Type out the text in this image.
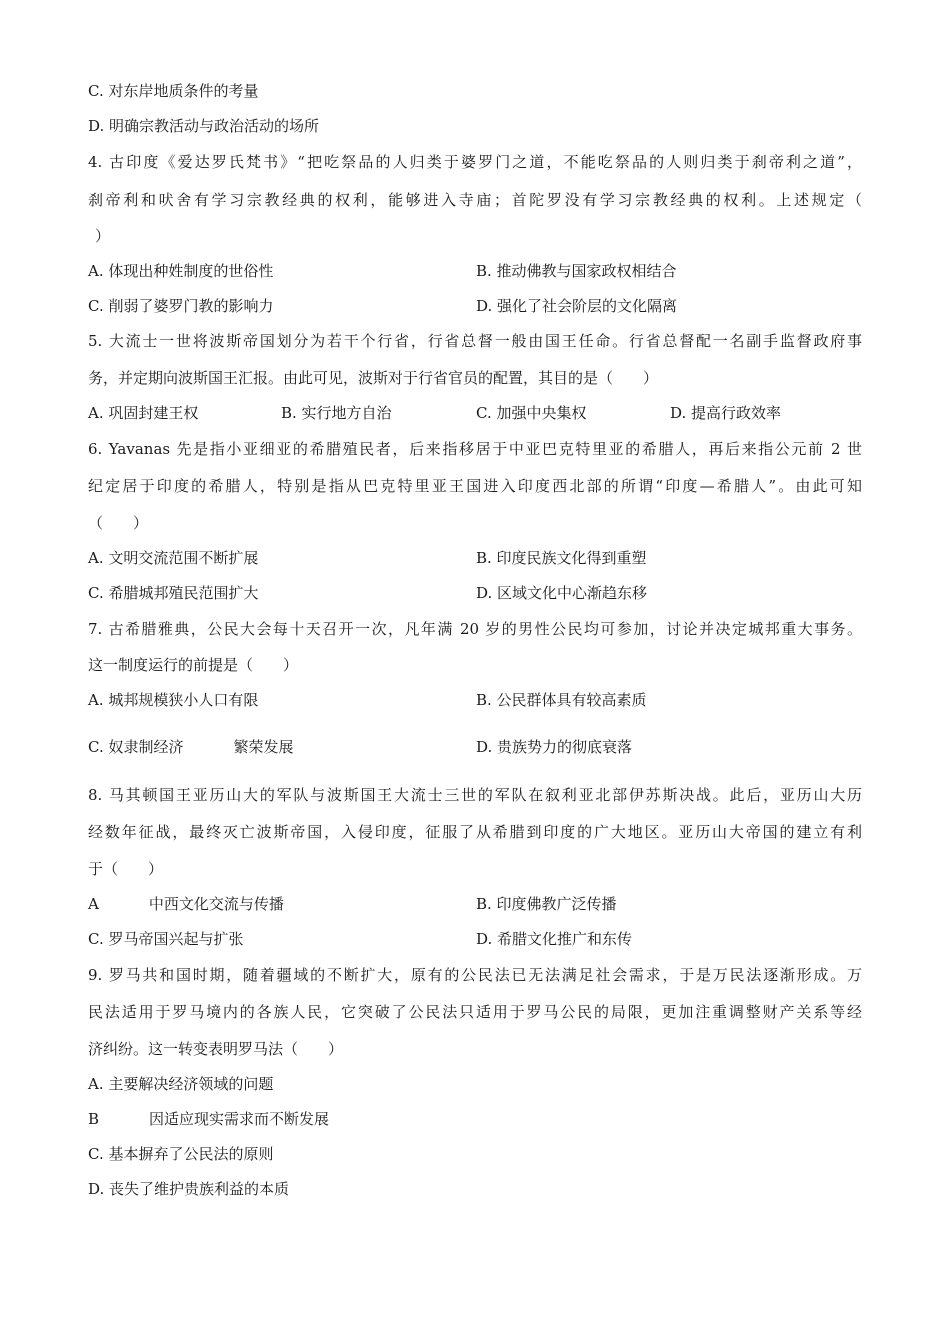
C. 对东岸地质条件的考量
D. 明确宗教活动与政治活动的场所
4. 古印度《爱达罗氏梵书》“把吃祭品的人归类于婆罗门之道，不能吃祭品的人则归类于刹帝利之道”，
刹帝利和吠舍有学习宗教经典的权利，能够进入寺庙；首陀罗没有学习宗教经典的权利。上述规定（
）
A. 体现出种姓制度的世俗性	B. 推动佛教与国家政权相结合
C. 削弱了婆罗门教的影响力	D. 强化了社会阶层的文化隔离
5. 大流士一世将波斯帝国划分为若干个行省，行省总督一般由国王任命。行省总督配一名副手监督政府事
务，并定期向波斯国王汇报。由此可见，波斯对于行省官员的配置，其目的是（　　）
A. 巩固封建王权	B. 实行地方自治	C. 加强中央集权	D. 提高行政效率
6. Yavanas 先是指小亚细亚的希腊殖民者，后来指移居于中亚巴克特里亚的希腊人，再后来指公元前 2 世
纪定居于印度的希腊人，特别是指从巴克特里亚王国进入印度西北部的所谓“印度—希腊人”。由此可知
（　　）
A. 文明交流范围不断扩展	B. 印度民族文化得到重塑
C. 希腊城邦殖民范围扩大	D. 区域文化中心渐趋东移
7. 古希腊雅典，公民大会每十天召开一次，凡年满 20 岁的男性公民均可参加，讨论并决定城邦重大事务。
这一制度运行的前提是（　　）
A. 城邦规模狭小人口有限	B. 公民群体具有较高素质
C. 奴隶制经济	繁荣发展	D. 贵族势力的彻底衰落
8. 马其顿国王亚历山大的军队与波斯国王大流士三世的军队在叙利亚北部伊苏斯决战。此后，亚历山大历
经数年征战，最终灭亡波斯帝国，入侵印度，征服了从希腊到印度的广大地区。亚历山大帝国的建立有利
于（　　）
A	中西文化交流与传播	B. 印度佛教广泛传播
C. 罗马帝国兴起与扩张	D. 希腊文化推广和东传
9. 罗马共和国时期，随着疆域的不断扩大，原有的公民法已无法满足社会需求，于是万民法逐渐形成。万
民法适用于罗马境内的各族人民，它突破了公民法只适用于罗马公民的局限，更加注重调整财产关系等经
济纠纷。这一转变表明罗马法（　　）
A. 主要解决经济领域的问题
B	因适应现实需求而不断发展
C. 基本摒弃了公民法的原则
D. 丧失了维护贵族利益的本质
